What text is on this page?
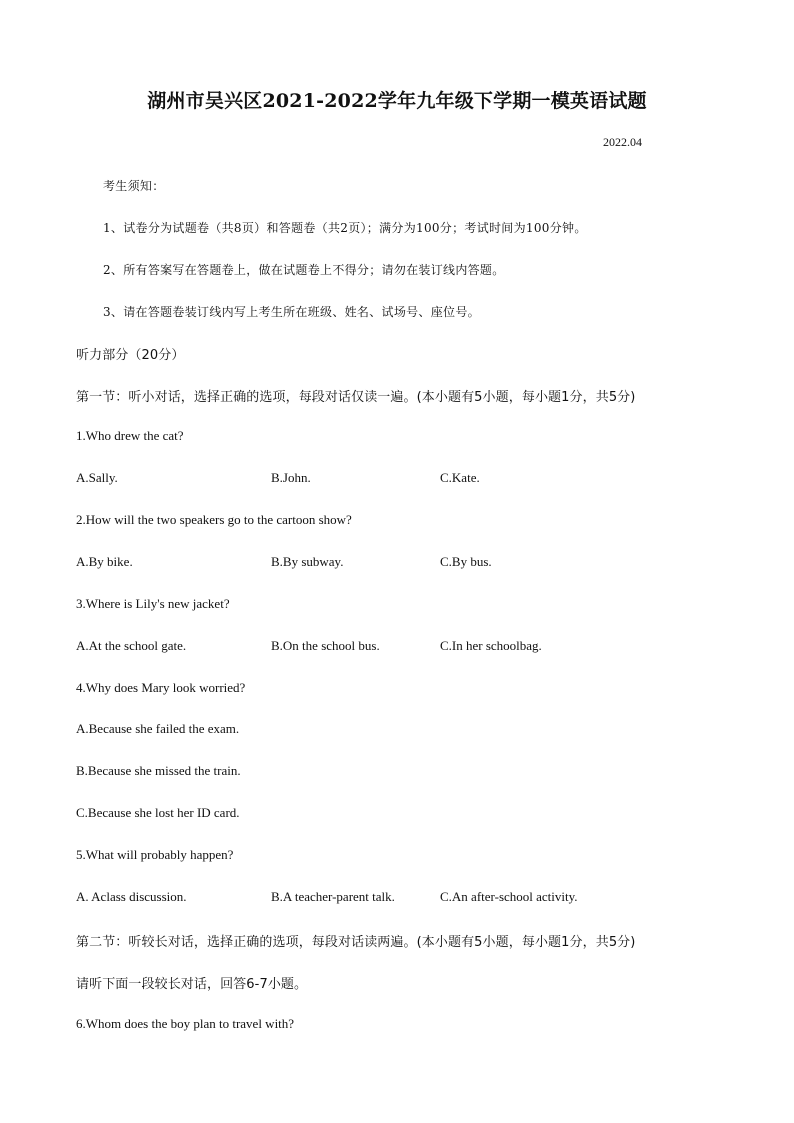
湖州市吴兴区2021-2022学年九年级下学期一模英语试题
2022.04
考生须知：
1、试卷分为试题卷（共8页）和答题卷（共2页）；满分为100分；考试时间为100分钟。
2、所有答案写在答题卷上，做在试题卷上不得分；请勿在装订线内答题。
3、请在答题卷装订线内写上考生所在班级、姓名、试场号、座位号。
听力部分（20分）
第一节：听小对话，选择正确的选项，每段对话仅读一遍。(本小题有5小题，每小题1分，共5分)
1.Who drew the cat?
A.Sally.	B.John.	C.Kate.
2.How will the two speakers go to the cartoon show?
A.By bike.	B.By subway.	C.By bus.
3.Where is Lily's new jacket?
A.At the school gate.	B.On the school bus.	C.In her schoolbag.
4.Why does Mary look worried?
A.Because she failed the exam.
B.Because she missed the train.
C.Because she lost her ID card.
5.What will probably happen?
A. Aclass discussion.	B.A teacher-parent talk.	C.An after-school activity.
第二节：听较长对话，选择正确的选项，每段对话读两遍。(本小题有5小题，每小题1分，共5分)
请听下面一段较长对话，回答6-7小题。
6.Whom does the boy plan to travel with?
